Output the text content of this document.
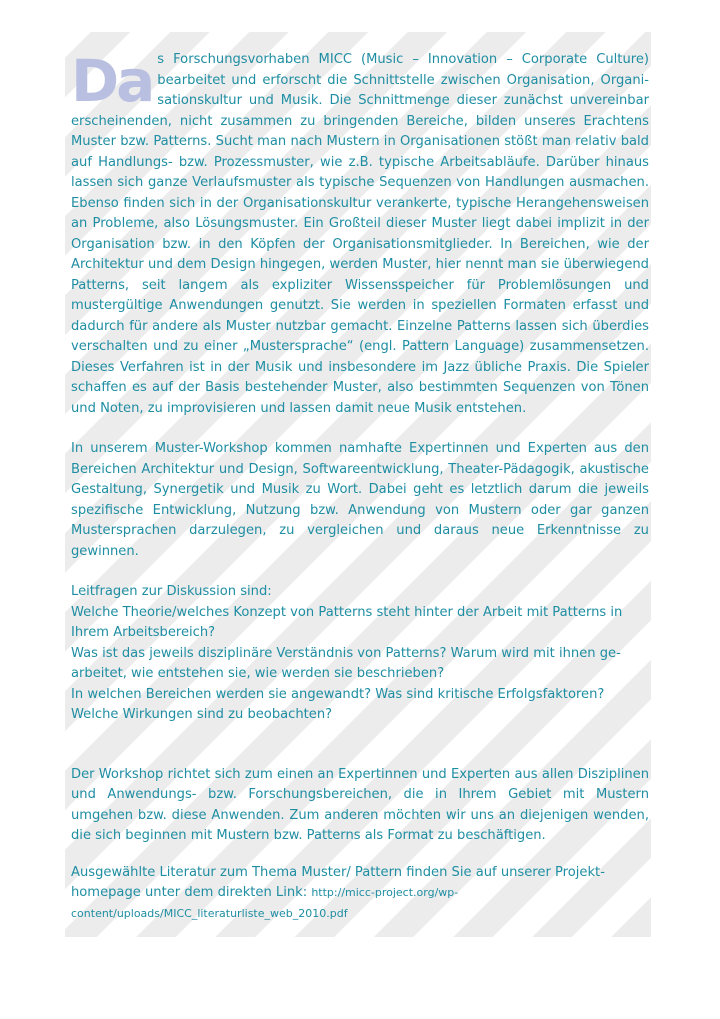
Da s Forschungsvorhaben MICC (Music – Innovation – Corporate Culture) bearbeitet und erforscht die Schnittstelle zwischen Organisation, Organisationskultur und Musik. Die Schnittmenge dieser zunächst unvereinbar erscheinenden, nicht zusammen zu bringenden Bereiche, bilden unseres Erachtens Muster bzw. Patterns. Sucht man nach Mustern in Organisationen stößt man relativ bald auf Handlungs- bzw. Prozessmuster, wie z.B. typische Arbeitsabläufe. Darüber hinaus lassen sich ganze Verlaufsmuster als typische Sequenzen von Handlungen ausmachen. Ebenso finden sich in der Organisationskultur verankerte, typische Herangehensweisen an Probleme, also Lösungsmuster. Ein Großteil dieser Muster liegt dabei implizit in der Organisation bzw. in den Köpfen der Organisationsmitglieder. In Bereichen, wie der Architektur und dem Design hingegen, werden Muster, hier nennt man sie überwiegend Patterns, seit langem als expliziter Wissensspeicher für Problemlösungen und mustergültige Anwendungen genutzt. Sie werden in speziellen Formaten erfasst und dadurch für andere als Muster nutzbar gemacht. Einzelne Patterns lassen sich überdies verschalten und zu einer „Mustersprache“ (engl. Pattern Language) zusammensetzen. Dieses Verfahren ist in der Musik und insbesondere im Jazz übliche Praxis. Die Spieler schaffen es auf der Basis bestehender Muster, also bestimmten Sequenzen von Tönen und Noten, zu improvisieren und lassen damit neue Musik entstehen.

In unserem Muster-Workshop kommen namhafte Expertinnen und Experten aus den Bereichen Architektur und Design, Softwareentwicklung, Theater-Pädagogik, akustische Gestaltung, Synergetik und Musik zu Wort. Dabei geht es letztlich darum die jeweils spezifische Entwicklung, Nutzung bzw. Anwendung von Mustern oder gar ganzen Mustersprachen darzulegen, zu vergleichen und daraus neue Erkenntnisse zu gewinnen.

Leitfragen zur Diskussion sind:

Welche Theorie/welches Konzept von Patterns steht hinter der Arbeit mit Patterns in Ihrem Arbeitsbereich?

Was ist das jeweils disziplinäre Verständnis von Patterns? Warum wird mit ihnen gearbeitet, wie entstehen sie, wie werden sie beschrieben?

In welchen Bereichen werden sie angewandt? Was sind kritische Erfolgsfaktoren? Welche Wirkungen sind zu beobachten?

Der Workshop richtet sich zum einen an Expertinnen und Experten aus allen Disziplinen und Anwendungs- bzw. Forschungsbereichen, die in Ihrem Gebiet mit Mustern umgehen bzw. diese Anwenden. Zum anderen möchten wir uns an diejenigen wenden, die sich beginnen mit Mustern bzw. Patterns als Format zu beschäftigen.

Ausgewählte Literatur zum Thema Muster/ Pattern finden Sie auf unserer Projekthomepage unter dem direkten Link: http://micc-project.org/wp-content/uploads/MICC_literaturliste_web_2010.pdf
